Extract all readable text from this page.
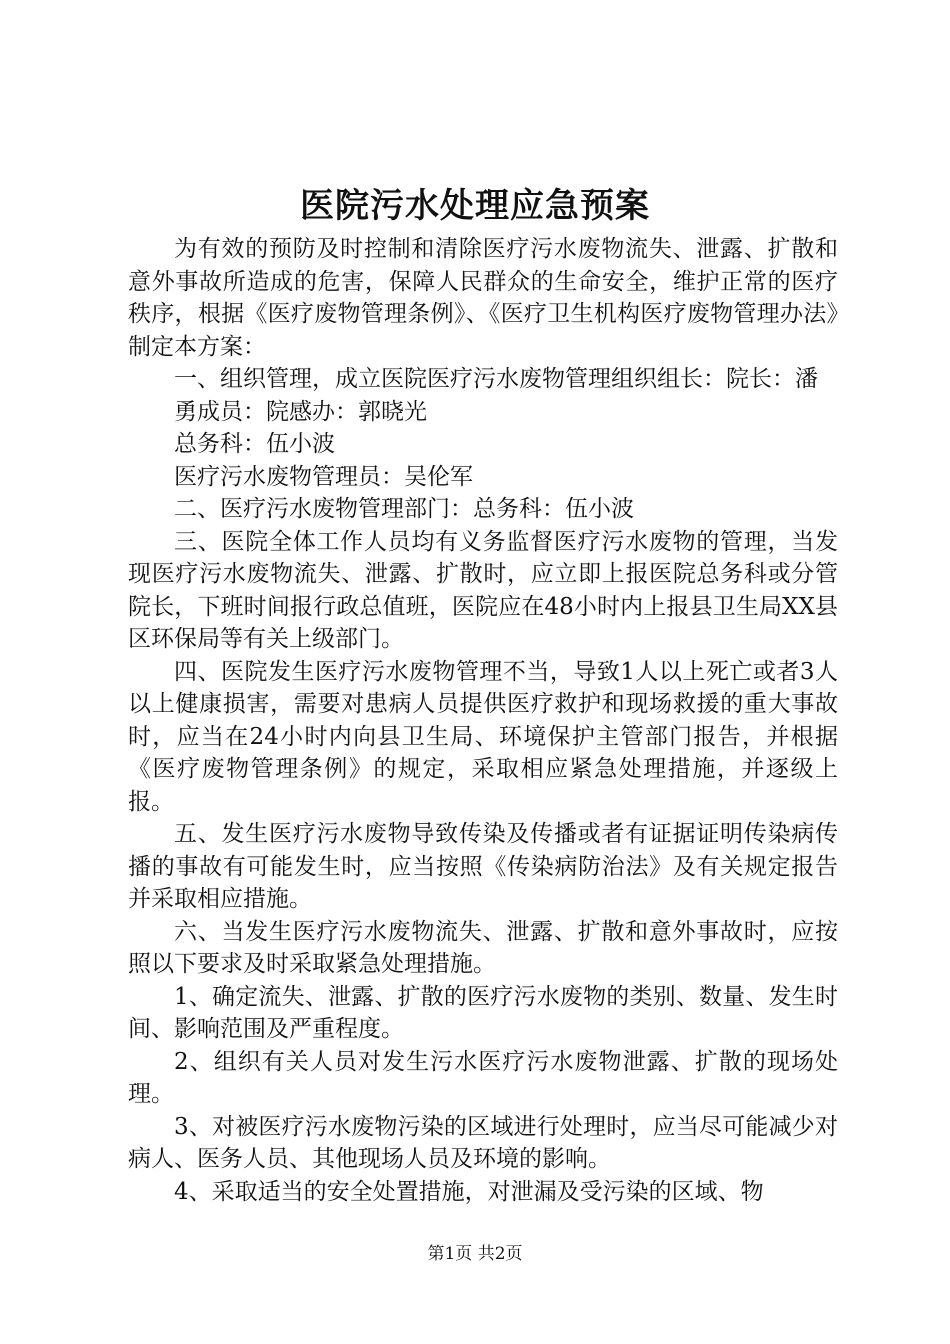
医院污水处理应急预案

为有效的预防及时控制和清除医疗污水废物流失、泄露、扩散和意外事故所造成的危害，保障人民群众的生命安全，维护正常的医疗秩序，根据《医疗废物管理条例》、《医疗卫生机构医疗废物管理办法》制定本方案：

一、组织管理，成立医院医疗污水废物管理组织组长：院长：潘

勇成员：院感办：郭晓光

总务科：伍小波

医疗污水废物管理员：吴伦军

二、医疗污水废物管理部门：总务科：伍小波

三、医院全体工作人员均有义务监督医疗污水废物的管理，当发现医疗污水废物流失、泄露、扩散时，应立即上报医院总务科或分管院长，下班时间报行政总值班，医院应在48小时内上报县卫生局XX县区环保局等有关上级部门。

四、医院发生医疗污水废物管理不当，导致1人以上死亡或者3人以上健康损害，需要对患病人员提供医疗救护和现场救援的重大事故时，应当在24小时内向县卫生局、环境保护主管部门报告，并根据《医疗废物管理条例》的规定，采取相应紧急处理措施，并逐级上报。

五、发生医疗污水废物导致传染及传播或者有证据证明传染病传播的事故有可能发生时，应当按照《传染病防治法》及有关规定报告并采取相应措施。

六、当发生医疗污水废物流失、泄露、扩散和意外事故时，应按照以下要求及时采取紧急处理措施。

1、确定流失、泄露、扩散的医疗污水废物的类别、数量、发生时间、影响范围及严重程度。

2、组织有关人员对发生污水医疗污水废物泄露、扩散的现场处理。

3、对被医疗污水废物污染的区域进行处理时，应当尽可能减少对病人、医务人员、其他现场人员及环境的影响。

4、采取适当的安全处置措施，对泄漏及受污染的区域、物

第1页 共2页
